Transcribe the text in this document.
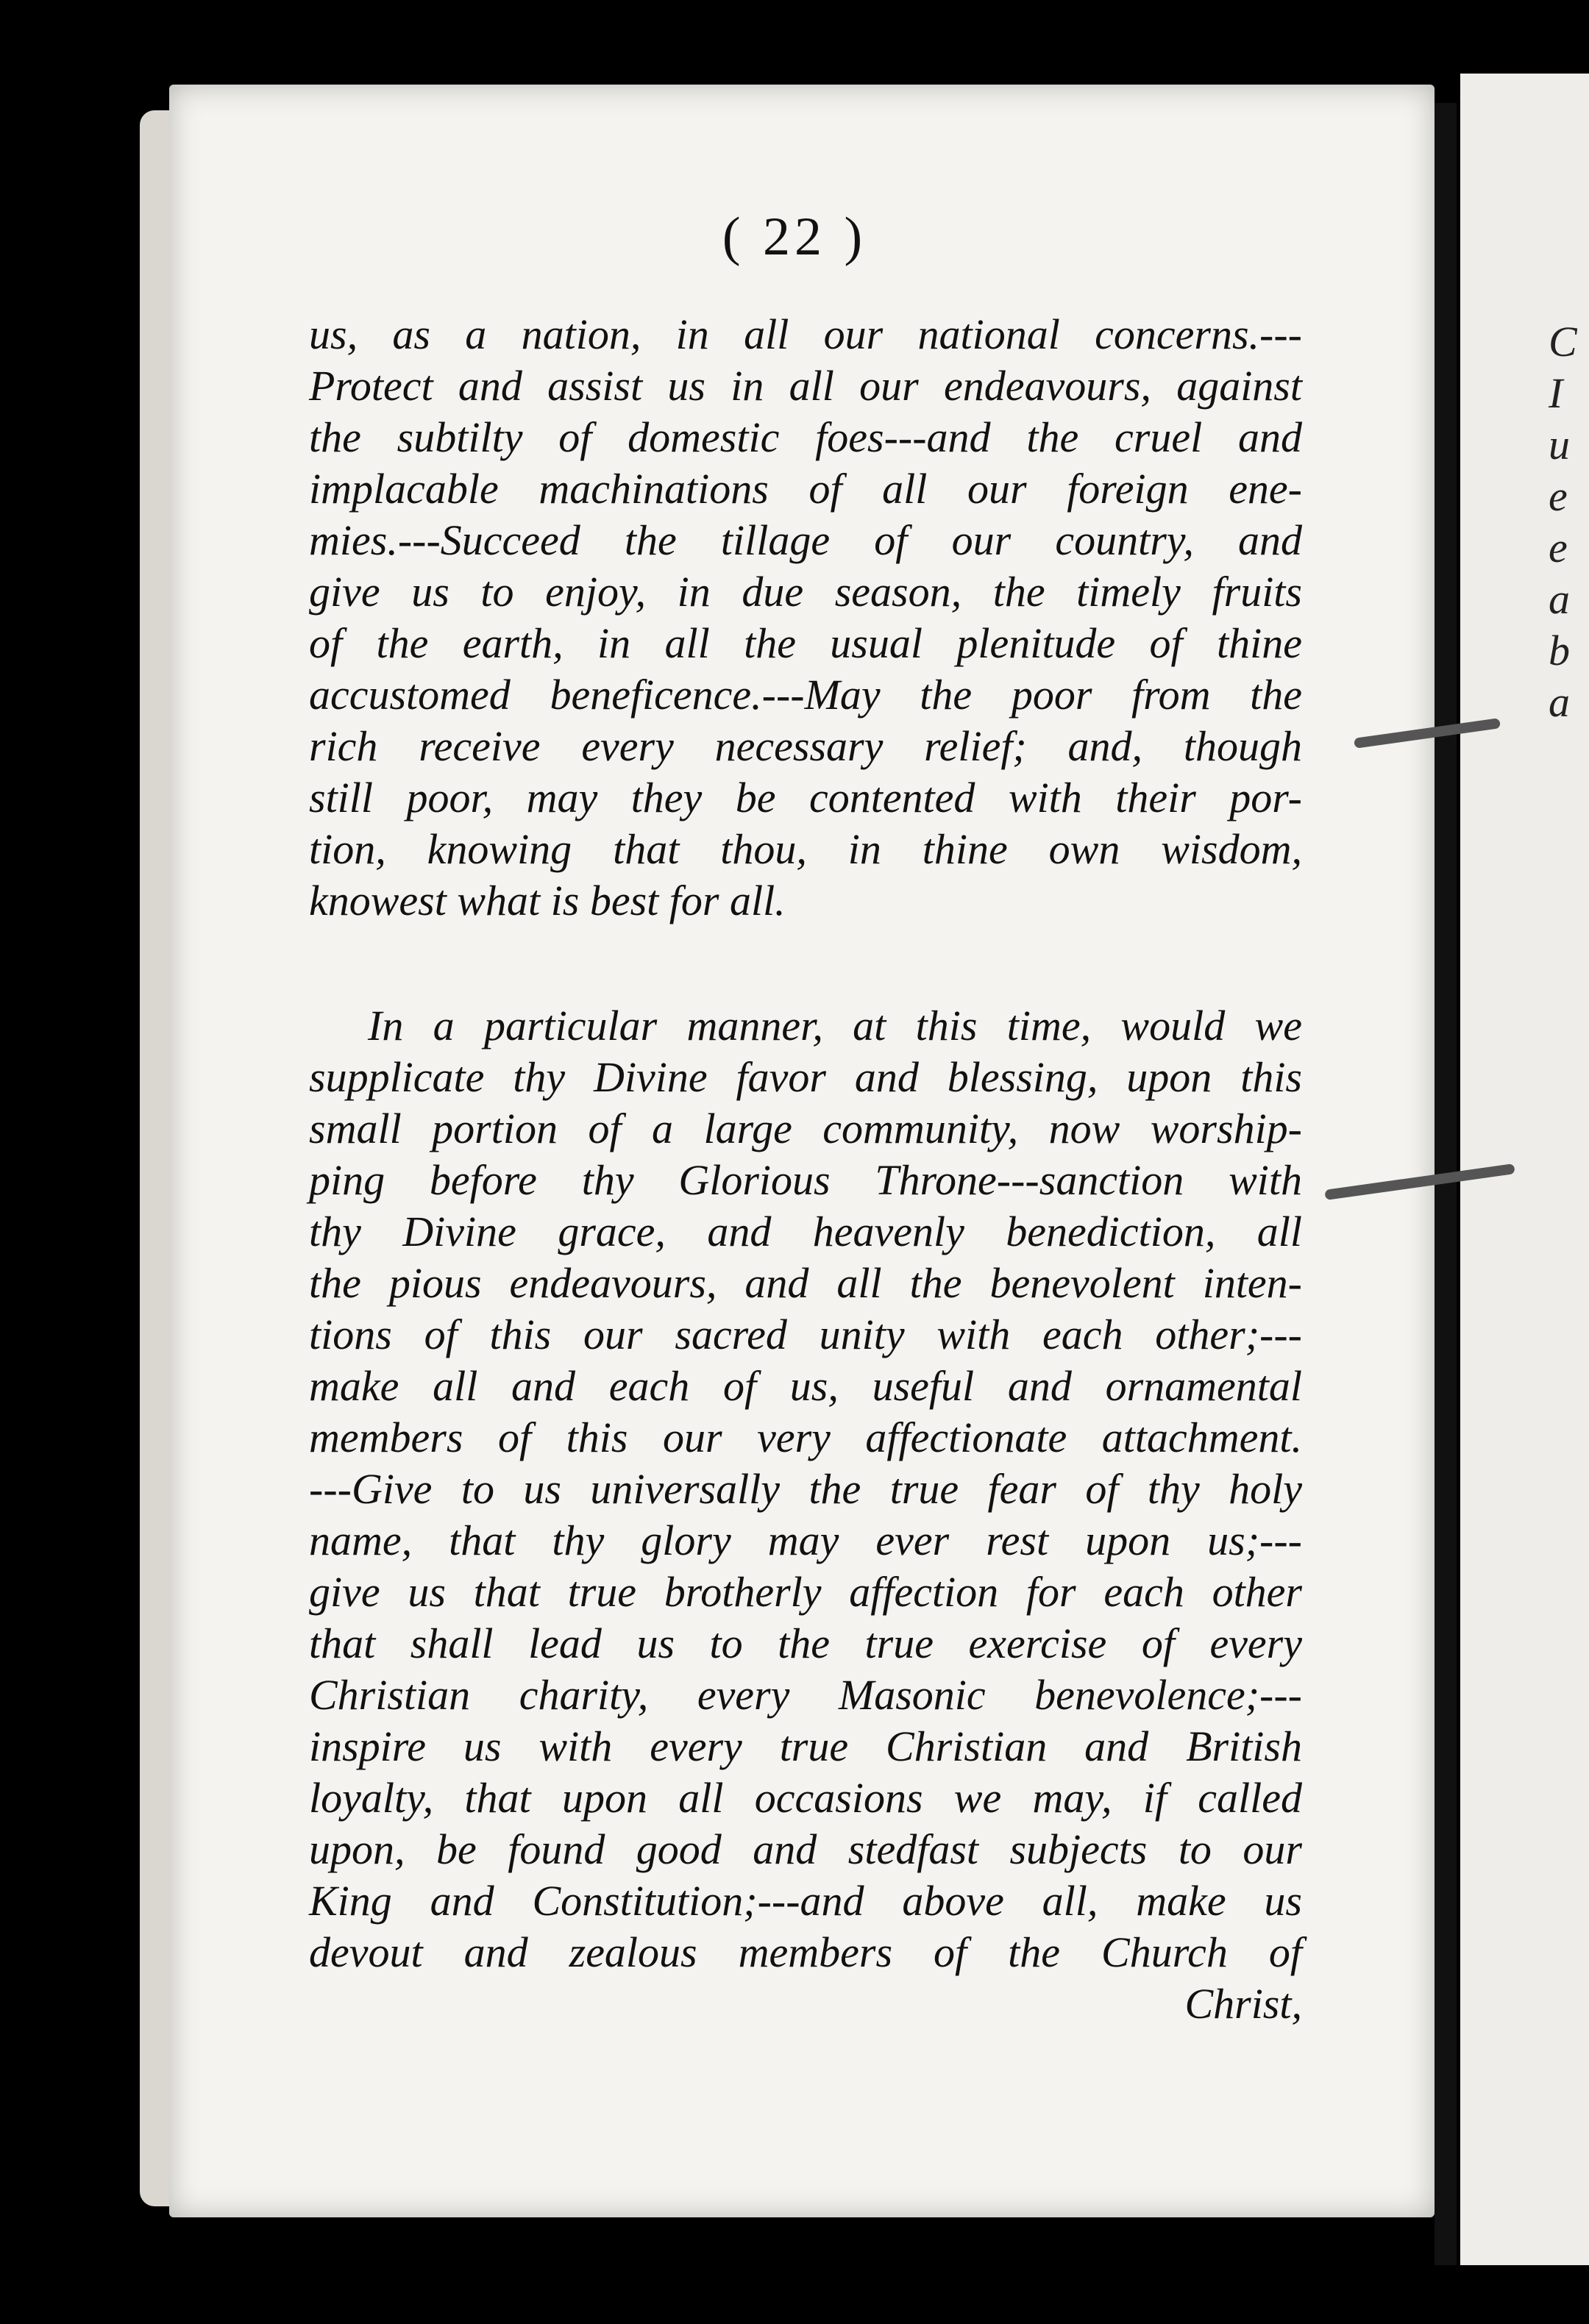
C
I
u
e
e
a
b
a
( 22 )
us, as a nation, in all our national concerns.---
Protect and assist us in all our endeavours, against
the subtilty of domestic foes---and the cruel and
implacable machinations of all our foreign ene-
mies.---Succeed the tillage of our country, and
give us to enjoy, in due season, the timely fruits
of the earth, in all the usual plenitude of thine
accustomed beneficence.---May the poor from the
rich receive every necessary relief; and, though
still poor, may they be contented with their por-
tion, knowing that thou, in thine own wisdom,
knowest what is best for all.
In a particular manner, at this time, would we
supplicate thy Divine favor and blessing, upon this
small portion of a large community, now worship-
ping before thy Glorious Throne---sanction with
thy Divine grace, and heavenly benediction, all
the pious endeavours, and all the benevolent inten-
tions of this our sacred unity with each other;---
make all and each of us, useful and ornamental
members of this our very affectionate attachment.
---Give to us universally the true fear of thy holy
name, that thy glory may ever rest upon us;---
give us that true brotherly affection for each other
that shall lead us to the true exercise of every
Christian charity, every Masonic benevolence;---
inspire us with every true Christian and British
loyalty, that upon all occasions we may, if called
upon, be found good and stedfast subjects to our
King and Constitution;---and above all, make us
devout and zealous members of the Church of
Christ,
